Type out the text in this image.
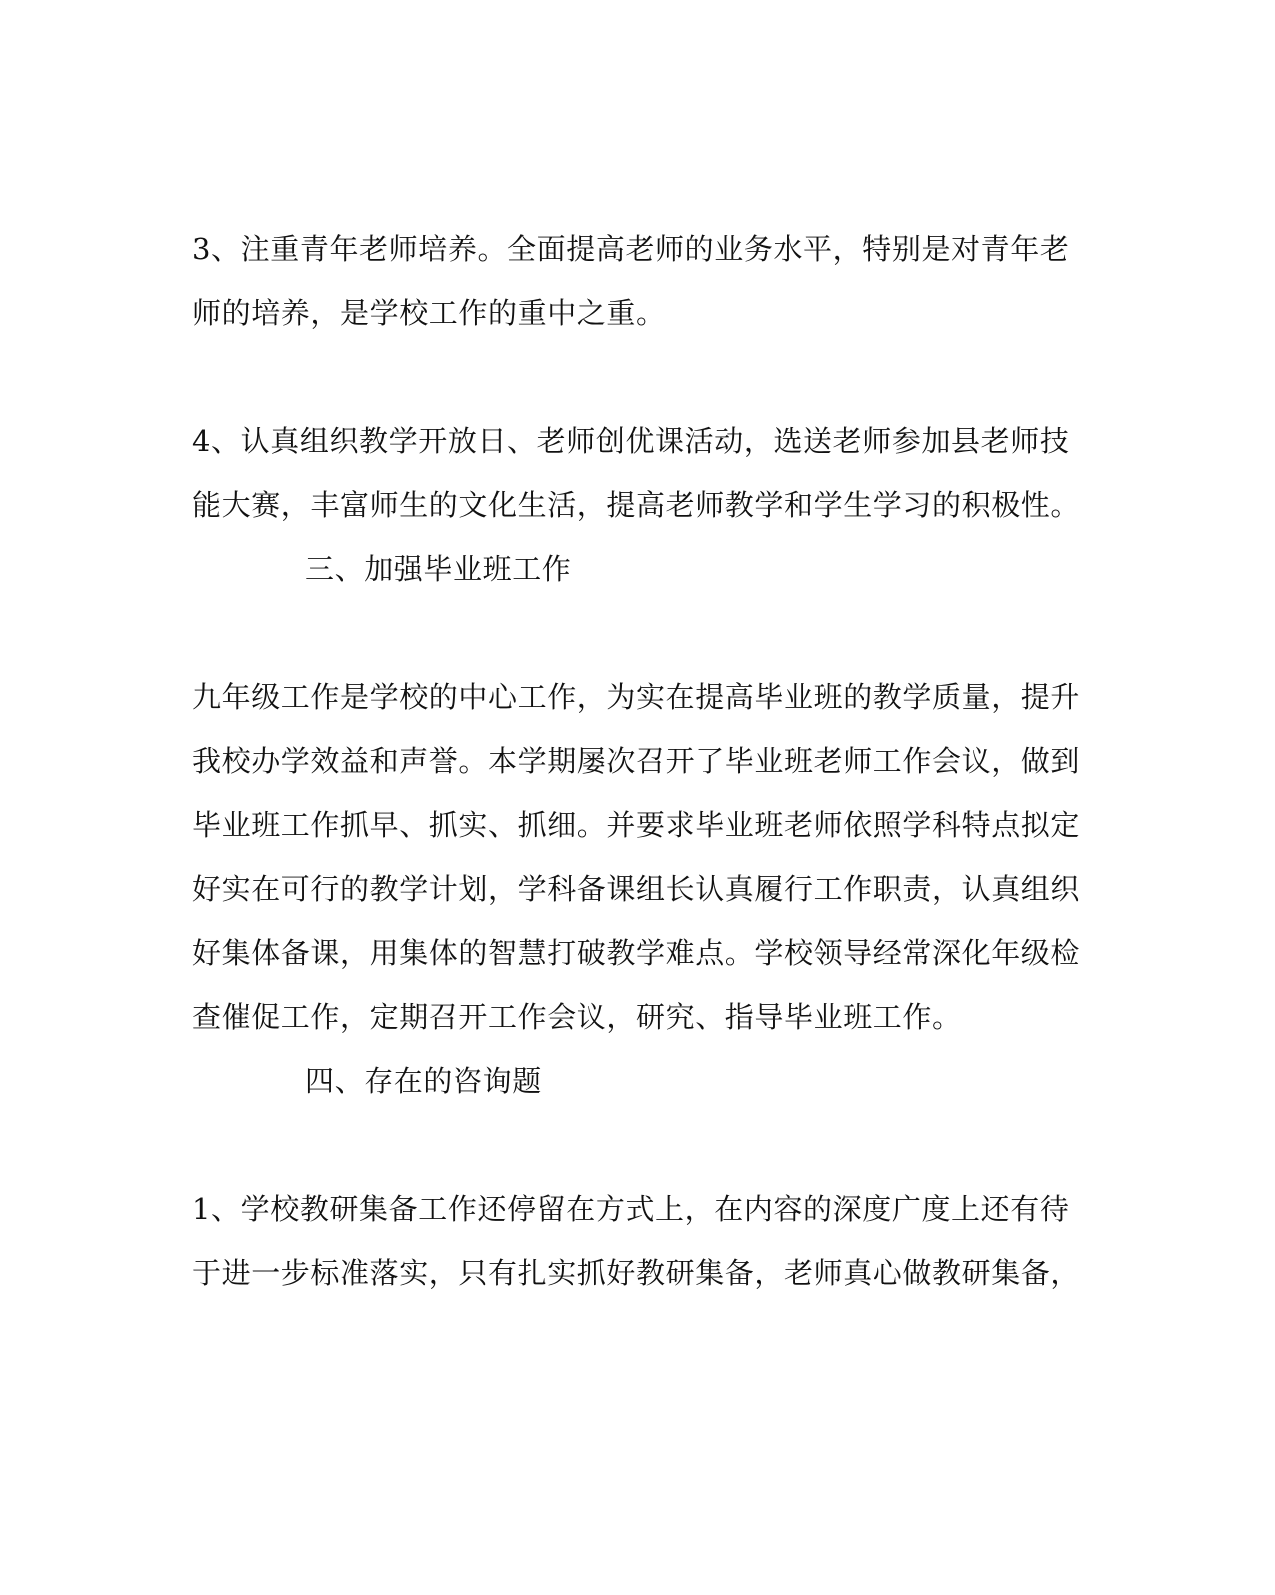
3、注重青年老师培养。全面提高老师的业务水平，特别是对青年老
师的培养，是学校工作的重中之重。
4、认真组织教学开放日、老师创优课活动，选送老师参加县老师技
能大赛，丰富师生的文化生活，提高老师教学和学生学习的积极性。
三、加强毕业班工作
九年级工作是学校的中心工作，为实在提高毕业班的教学质量，提升
我校办学效益和声誉。本学期屡次召开了毕业班老师工作会议，做到
毕业班工作抓早、抓实、抓细。并要求毕业班老师依照学科特点拟定
好实在可行的教学计划，学科备课组长认真履行工作职责，认真组织
好集体备课，用集体的智慧打破教学难点。学校领导经常深化年级检
查催促工作，定期召开工作会议，研究、指导毕业班工作。
四、存在的咨询题
1、学校教研集备工作还停留在方式上，在内容的深度广度上还有待
于进一步标准落实，只有扎实抓好教研集备，老师真心做教研集备，
